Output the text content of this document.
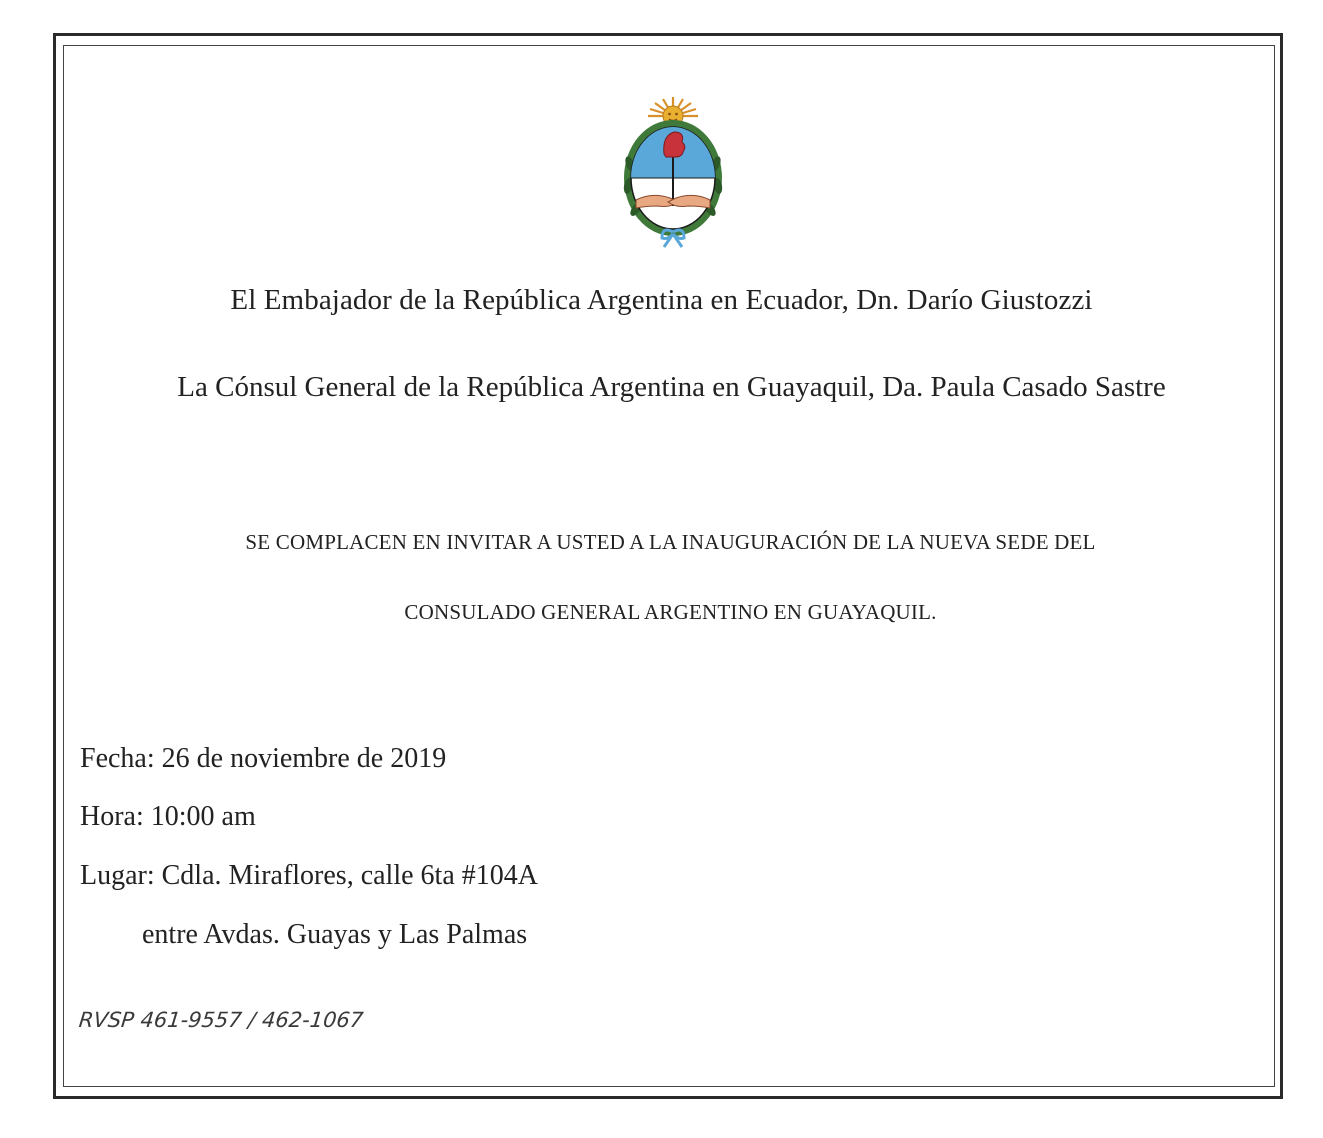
El Embajador de la República Argentina en Ecuador, Dn. Darío Giustozzi
La Cónsul General de la República Argentina en Guayaquil, Da. Paula Casado Sastre
SE COMPLACEN EN INVITAR A USTED A LA INAUGURACIÓN DE LA NUEVA SEDE DEL
CONSULADO GENERAL ARGENTINO EN GUAYAQUIL.
Fecha: 26 de noviembre de 2019
Hora: 10:00 am
Lugar: Cdla. Miraflores, calle 6ta #104A
entre Avdas. Guayas y Las Palmas
RVSP 461-9557 / 462-1067
